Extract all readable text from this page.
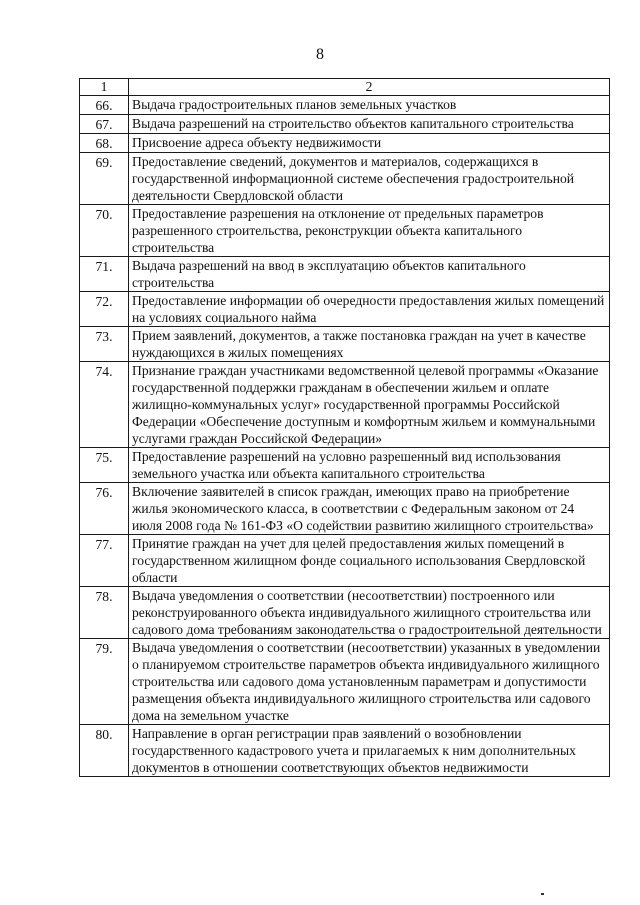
8
1	2
66.	Выдача градостроительных планов земельных участков
67.	Выдача разрешений на строительство объектов капитального строительства
68.	Присвоение адреса объекту недвижимости
69.	Предоставление сведений, документов и материалов, содержащихся в государственной информационной системе обеспечения градостроительной деятельности Свердловской области
70.	Предоставление разрешения на отклонение от предельных параметров разрешенного строительства, реконструкции объекта капитального строительства
71.	Выдача разрешений на ввод в эксплуатацию объектов капитального строительства
72.	Предоставление информации об очередности предоставления жилых помещений на условиях социального найма
73.	Прием заявлений, документов, а также постановка граждан на учет в качестве нуждающихся в жилых помещениях
74.	Признание граждан участниками ведомственной целевой программы «Оказание государственной поддержки гражданам в обеспечении жильем и оплате жилищно-коммунальных услуг» государственной программы Российской Федерации «Обеспечение доступным и комфортным жильем и коммунальными услугами граждан Российской Федерации»
75.	Предоставление разрешений на условно разрешенный вид использования земельного участка или объекта капитального строительства
76.	Включение заявителей в список граждан, имеющих право на приобретение жилья экономического класса, в соответствии с Федеральным законом от 24 июля 2008 года № 161-ФЗ «О содействии развитию жилищного строительства»
77.	Принятие граждан на учет для целей предоставления жилых помещений в государственном жилищном фонде социального использования Свердловской области
78.	Выдача уведомления о соответствии (несоответствии) построенного или реконструированного объекта индивидуального жилищного строительства или садового дома требованиям законодательства о градостроительной деятельности
79.	Выдача уведомления о соответствии (несоответствии) указанных в уведомлении о планируемом строительстве параметров объекта индивидуального жилищного строительства или садового дома установленным параметрам и допустимости размещения объекта индивидуального жилищного строительства или садового дома на земельном участке
80.	Направление в орган регистрации прав заявлений о возобновлении государственного кадастрового учета и прилагаемых к ним дополнительных документов в отношении соответствующих объектов недвижимости
